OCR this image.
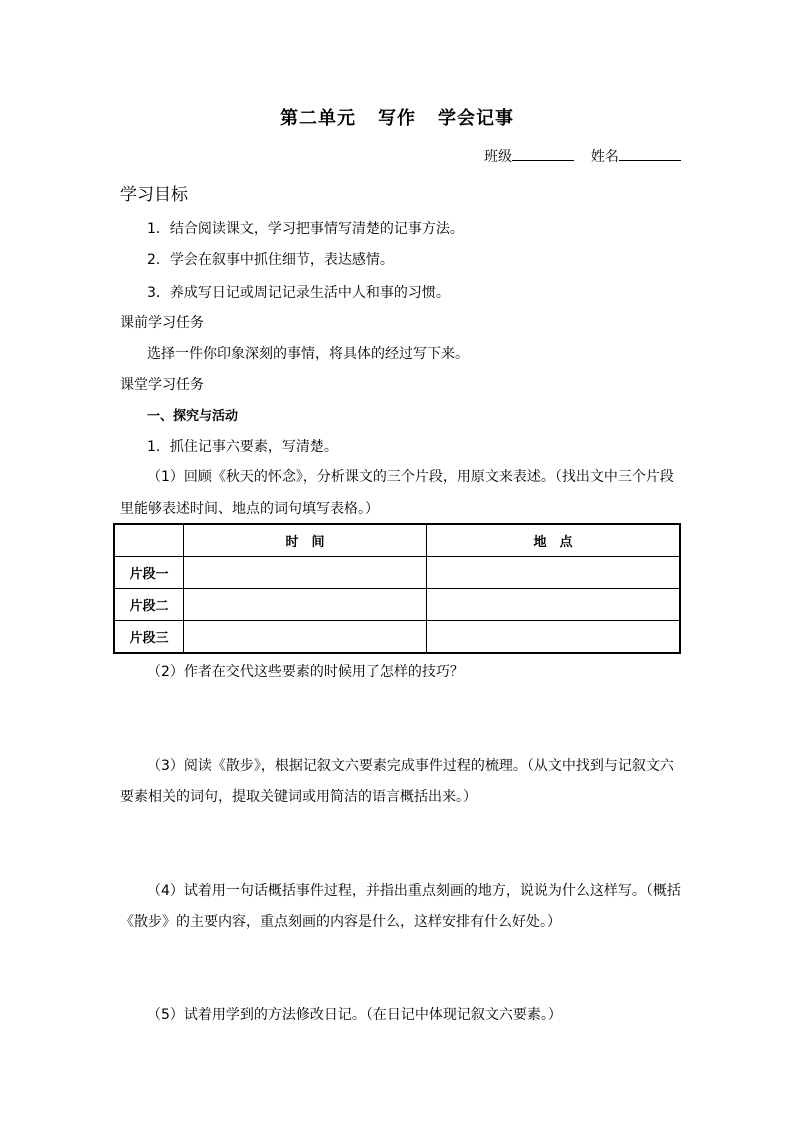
第二单元 写作 学会记事
班级	姓名
学习目标
1．结合阅读课文，学习把事情写清楚的记事方法。
2．学会在叙事中抓住细节，表达感情。
3．养成写日记或周记记录生活中人和事的习惯。
课前学习任务
选择一件你印象深刻的事情，将具体的经过写下来。
课堂学习任务
一、探究与活动
1．抓住记事六要素，写清楚。
（1）回顾《秋天的怀念》，分析课文的三个片段，用原文来表述。（找出文中三个片段
里能够表述时间、地点的词句填写表格。）
	时　间	地　点
片段一		
片段二		
片段三		
（2）作者在交代这些要素的时候用了怎样的技巧？
（3）阅读《散步》，根据记叙文六要素完成事件过程的梳理。（从文中找到与记叙文六
要素相关的词句，提取关键词或用简洁的语言概括出来。）
（4）试着用一句话概括事件过程，并指出重点刻画的地方，说说为什么这样写。（概括
《散步》的主要内容，重点刻画的内容是什么，这样安排有什么好处。）
（5）试着用学到的方法修改日记。（在日记中体现记叙文六要素。）
